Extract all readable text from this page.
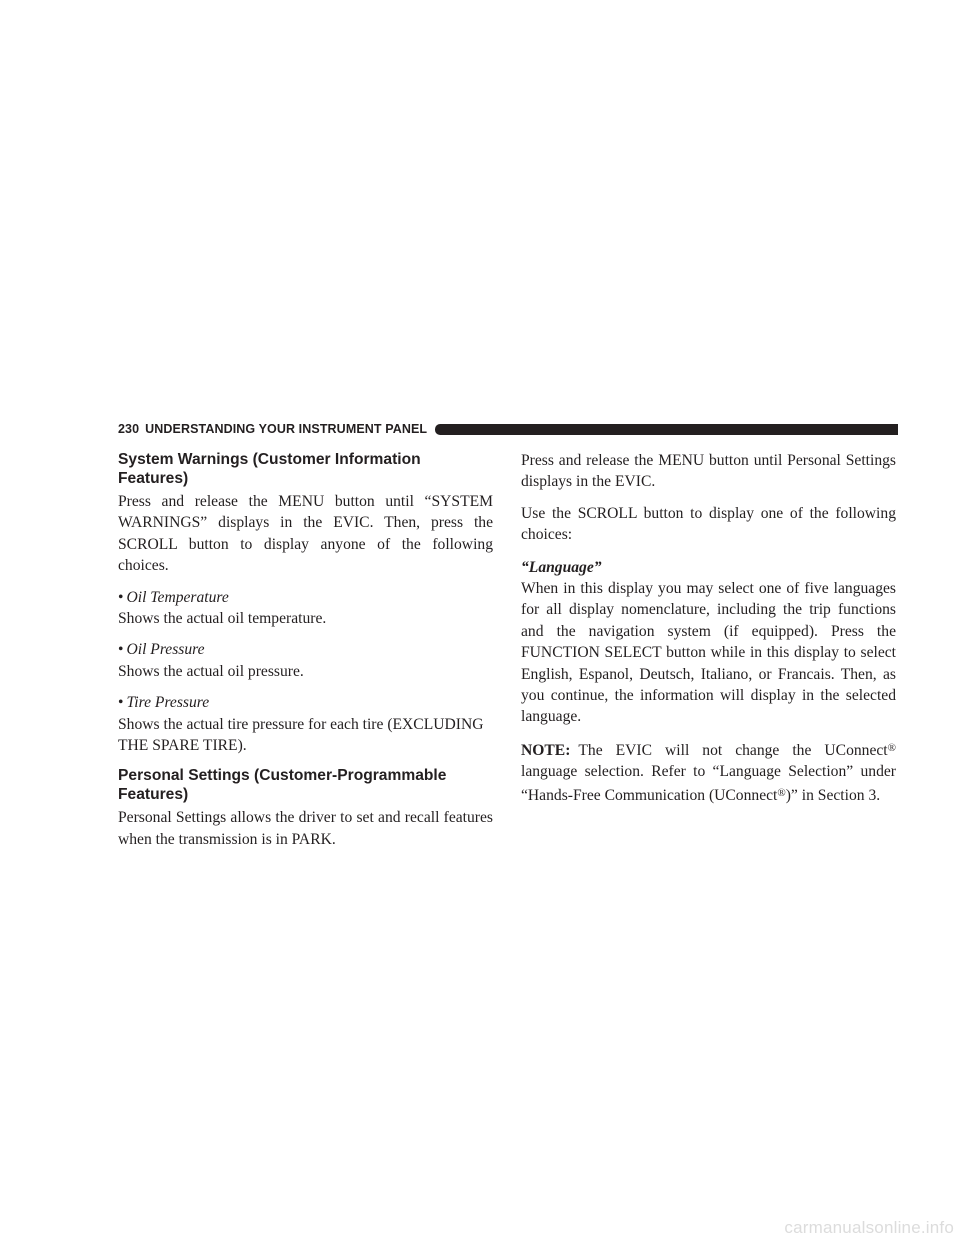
230 UNDERSTANDING YOUR INSTRUMENT PANEL
System Warnings (Customer Information Features)

Press and release the MENU button until “SYSTEM WARNINGS” displays in the EVIC. Then, press the SCROLL button to display anyone of the following choices.

• Oil Temperature

Shows the actual oil temperature.

• Oil Pressure

Shows the actual oil pressure.

• Tire Pressure

Shows the actual tire pressure for each tire (EXCLUDING THE SPARE TIRE).

Personal Settings (Customer-Programmable Features)

Personal Settings allows the driver to set and recall features when the transmission is in PARK.

Press and release the MENU button until Personal Settings displays in the EVIC.

Use the SCROLL button to display one of the following choices:

“Language”

When in this display you may select one of five languages for all display nomenclature, including the trip functions and the navigation system (if equipped). Press the FUNCTION SELECT button while in this display to select English, Espanol, Deutsch, Italiano, or Francais. Then, as you continue, the information will display in the selected language.

NOTE: The EVIC will not change the UConnect® language selection. Refer to “Language Selection” under “Hands-Free Communication (UConnect®)” in Section 3.

carmanualsonline.info
